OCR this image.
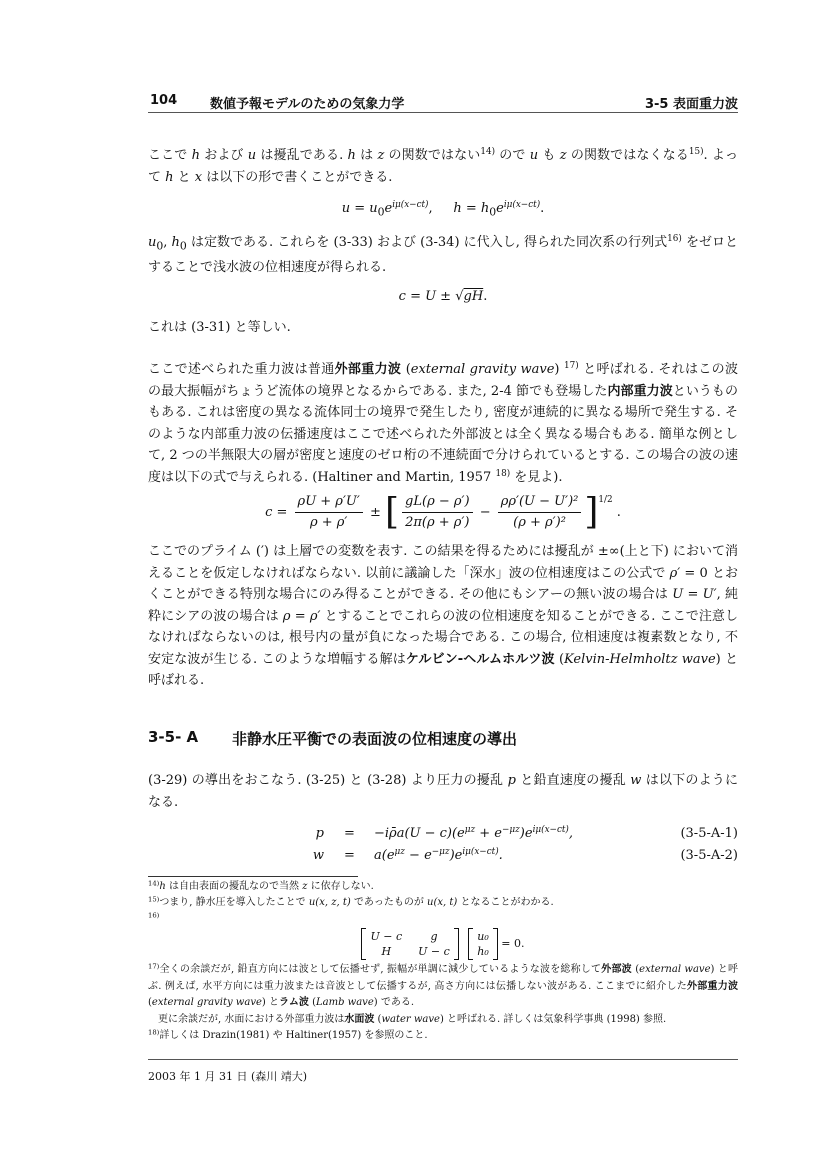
104	数値予報モデルのための気象力学	3-5 表面重力波
ここで h および u は擾乱である. h は z の関数ではない$^{14)}$ ので u も z の関数ではなくなる$^{15)}$. よって h と x は以下の形で書くことができる.
$u = u_0e^{i\mu(x-ct)}$, $h = h_0e^{i\mu(x-ct)}$.
$u_0$, $h_0$ は定数である. これらを (3-33) および (3-34) に代入し, 得られた同次系の行列式$^{16)}$ をゼロとすることで浅水波の位相速度が得られる.
c = U ± √gH.
これは (3-31) と等しい.
ここで述べられた重力波は普通外部重力波 (external gravity wave) $^{17)}$ と呼ばれる. それはこの波の最大振幅がちょうど流体の境界となるからである. また, 2-4 節でも登場した内部重力波というものもある. これは密度の異なる流体同士の境界で発生したり, 密度が連続的に異なる場所で発生する. そのような内部重力波の伝播速度はここで述べられた外部波とは全く異なる場合もある. 簡単な例として, 2 つの半無限大の層が密度と速度のゼロ桁の不連続面で分けられているとする. この場合の波の速度は以下の式で与えられる. (Haltiner and Martin, 1957 $^{18)}$ を見よ).
$c = \frac{\rho U + \rho'U'}{\rho + \rho'}$ ± [ $\frac{gL(\rho - \rho')}{2\pi(\rho + \rho')} - \frac{\text{ρρ′(U − U′)²}}{\text{(ρ + ρ′)²}} ]^{1/2}$ .
ここでのプライム (′) は上層での変数を表す. この結果を得るためには擾乱が ±∞(上と下) において消えることを仮定しなければならない. 以前に議論した「深水」波の位相速度はこの公式で ρ′ = 0 とおくことができる特別な場合にのみ得ることができる. その他にもシアーの無い波の場合は U = U′, 純粋にシアの波の場合は ρ = ρ′ とすることでこれらの波の位相速度を知ることができる. ここで注意しなければならないのは, 根号内の量が負になった場合である. この場合, 位相速度は複素数となり, 不安定な波が生じる. このような増幅する解はケルビン-ヘルムホルツ波 (Kelvin-Helmholtz wave) と呼ばれる.
3-5- A 非静水圧平衡での表面波の位相速度の導出
(3-29) の導出をおこなう. (3-25) と (3-28) より圧力の擾乱 p と鉛直速度の擾乱 w は以下のようになる.
p = −iρ̄a(U − $c)(e^{\mu z} + e^{-\mu z})e^{i\mu(x-ct)}$,	(3-5-A-1)
$w = a(e^{\mu z} - e^{-\mu z})e^{i\mu(x-ct)}$.	(3-5-A-2)
$^{14)}$h は自由表面の擾乱なので当然 z に依存しない.
$^{15)}$つまり, 静水圧を導入したことで u(x, z, t) であったものが u(x, t) となることがわかる.
$^{16)}$
U − c	g
H	U − c

u₀
h₀
= 0.
$^{17)}$全くの余談だが, 鉛直方向には波として伝播せず, 振幅が単調に減少しているような波を総称して外部波 (external wave) と呼ぶ. 例えば, 水平方向には重力波または音波として伝播するが, 高さ方向には伝播しない波がある. ここまでに紹介した外部重力波 (external gravity wave) とラム波 (Lamb wave) である.
　更に余談だが, 水面における外部重力波は水面波 (water wave) と呼ばれる. 詳しくは気象科学事典 (1998) 参照.
$^{18)}$詳しくは Drazin(1981) や Haltiner(1957) を参照のこと.
2003 年 1 月 31 日 (森川 靖大)
